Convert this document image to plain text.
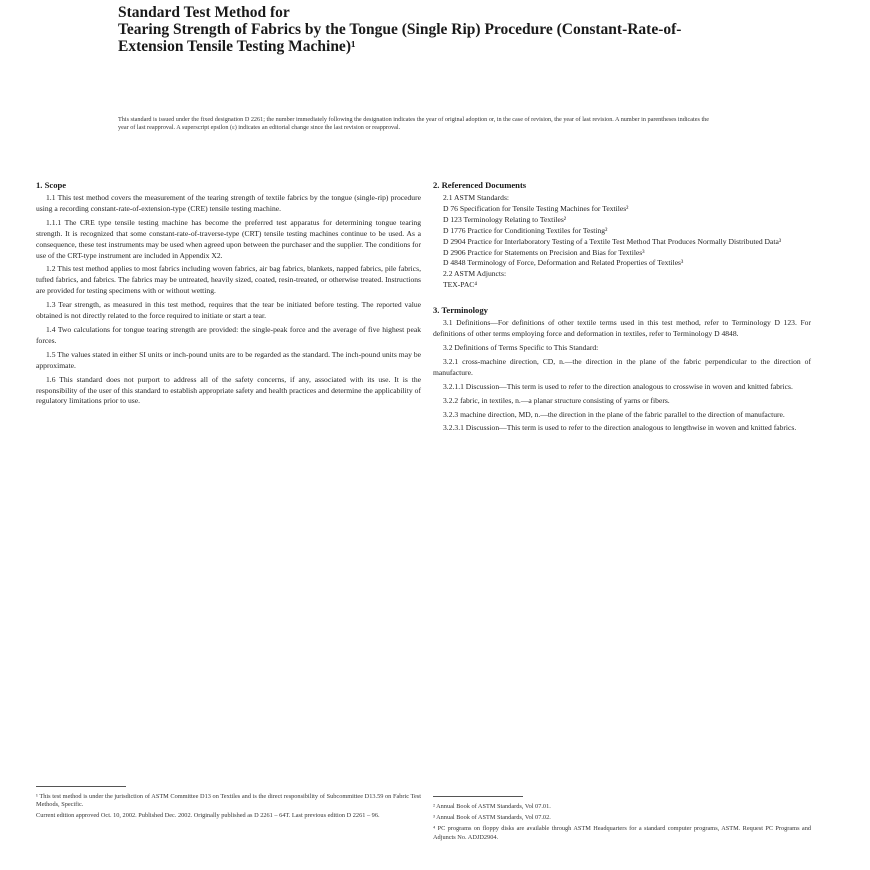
Standard Test Method for
Tearing Strength of Fabrics by the Tongue (Single Rip) Procedure (Constant-Rate-of-Extension Tensile Testing Machine)¹
This standard is issued under the fixed designation D 2261; the number immediately following the designation indicates the year of original adoption or, in the case of revision, the year of last revision. A number in parentheses indicates the year of last reapproval. A superscript epsilon (ε) indicates an editorial change since the last revision or reapproval.
1. Scope

1.1 This test method covers the measurement of the tearing strength of textile fabrics by the tongue (single-rip) procedure using a recording constant-rate-of-extension-type (CRE) tensile testing machine.

1.1.1 The CRE type tensile testing machine has become the preferred test apparatus for determining tongue tearing strength. It is recognized that some constant-rate-of-traverse-type (CRT) tensile testing machines continue to be used. As a consequence, these test instruments may be used when agreed upon between the purchaser and the supplier. The conditions for use of the CRT-type instrument are included in Appendix X2.

1.2 This test method applies to most fabrics including woven fabrics, air bag fabrics, blankets, napped fabrics, pile fabrics, tufted fabrics, and fabrics. The fabrics may be untreated, heavily sized, coated, resin-treated, or otherwise treated. Instructions are provided for testing specimens with or without wetting.

1.3 Tear strength, as measured in this test method, requires that the tear be initiated before testing. The reported value obtained is not directly related to the force required to initiate or start a tear.

1.4 Two calculations for tongue tearing strength are provided: the single-peak force and the average of five highest peak forces.

1.5 The values stated in either SI units or inch-pound units are to be regarded as the standard. The inch-pound units may be approximate.

1.6 This standard does not purport to address all of the safety concerns, if any, associated with its use. It is the responsibility of the user of this standard to establish appropriate safety and health practices and determine the applicability of regulatory limitations prior to use.

2. Referenced Documents
2.1 ASTM Standards:
D 76 Specification for Tensile Testing Machines for Textiles²
D 123 Terminology Relating to Textiles²
D 1776 Practice for Conditioning Textiles for Testing²
D 2904 Practice for Interlaboratory Testing of a Textile Test Method That Produces Normally Distributed Data³
D 2906 Practice for Statements on Precision and Bias for Textiles³
D 4848 Terminology of Force, Deformation and Related Properties of Textiles³
2.2 ASTM Adjuncts:
TEX-PAC⁴
3. Terminology

3.1 Definitions—For definitions of other textile terms used in this test method, refer to Terminology D 123. For definitions of other terms employing force and deformation in textiles, refer to Terminology D 4848.

3.2 Definitions of Terms Specific to This Standard:

3.2.1 cross-machine direction, CD, n.—the direction in the plane of the fabric perpendicular to the direction of manufacture.

3.2.1.1 Discussion—This term is used to refer to the direction analogous to crosswise in woven and knitted fabrics.

3.2.2 fabric, in textiles, n.—a planar structure consisting of yarns or fibers.

3.2.3 machine direction, MD, n.—the direction in the plane of the fabric parallel to the direction of manufacture.

3.2.3.1 Discussion—This term is used to refer to the direction analogous to lengthwise in woven and knitted fabrics.

¹ This test method is under the jurisdiction of ASTM Committee D13 on Textiles and is the direct responsibility of Subcommittee D13.59 on Fabric Test Methods, Specific.

Current edition approved Oct. 10, 2002. Published Dec. 2002. Originally published as D 2261 – 64T. Last previous edition D 2261 – 96.

² Annual Book of ASTM Standards, Vol 07.01.

³ Annual Book of ASTM Standards, Vol 07.02.

⁴ PC programs on floppy disks are available through ASTM Headquarters for a standard computer programs, ASTM. Request PC Programs and Adjuncts No. ADJD2904.
